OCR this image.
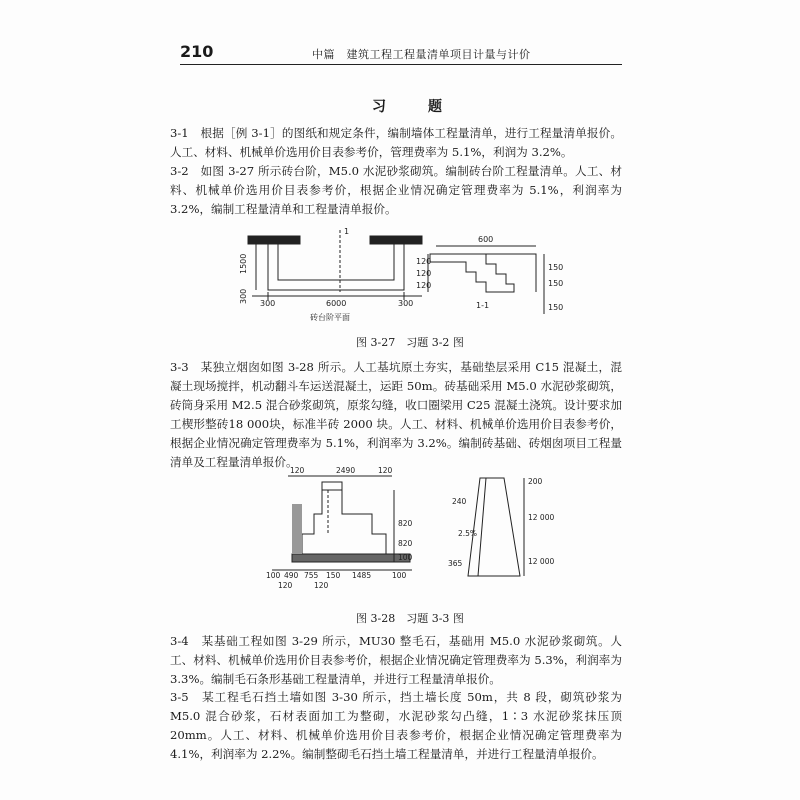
210	中篇　建筑工程工程量清单项目计量与计价
习　题
3-1　根据［例 3-1］的图纸和规定条件，编制墙体工程量清单，进行工程量清单报价。人工、材料、机械单价选用价目表参考价，管理费率为 5.1%，利润为 3.2%。
3-2　如图 3-27 所示砖台阶，M5.0 水泥砂浆砌筑。编制砖台阶工程量清单。人工、材料、机械单价选用价目表参考价，根据企业情况确定管理费率为 5.1%，利润率为 3.2%，编制工程量清单和工程量清单报价。
1
1500
300 300	6000	300
砖台阶平面
600
120
120
120
150
150
150
1-1
图 3-27　习题 3-2 图
3-3　某独立烟囱如图 3-28 所示。人工基坑原土夯实，基础垫层采用 C15 混凝土，混凝土现场搅拌，机动翻斗车运送混凝土，运距 50m。砖基础采用 M5.0 水泥砂浆砌筑，砖筒身采用 M2.5 混合砂浆砌筑，原浆勾缝，收口圈梁用 C25 混凝土浇筑。设计要求加工楔形整砖18 000块，标准半砖 2000 块。人工、材料、机械单价选用价目表参考价，根据企业情况确定管理费率为 5.1%，利润率为 3.2%。编制砖基础、砖烟囱项目工程量清单及工程量清单报价。
120	2490	120
820
820
100
100 490 755 150 1485	100
120	120
240
365
2.5%
200
12 000
12 000
图 3-28　习题 3-3 图
3-4　某基础工程如图 3-29 所示，MU30 整毛石，基础用 M5.0 水泥砂浆砌筑。人工、材料、机械单价选用价目表参考价，根据企业情况确定管理费率为 5.3%，利润率为 3.3%。编制毛石条形基础工程量清单，并进行工程量清单报价。
3-5　某工程毛石挡土墙如图 3-30 所示，挡土墙长度 50m，共 8 段，砌筑砂浆为 M5.0 混合砂浆，石材表面加工为整砌，水泥砂浆勾凸缝，1∶3 水泥砂浆抹压顶 20mm。人工、材料、机械单价选用价目表参考价，根据企业情况确定管理费率为 4.1%，利润率为 2.2%。编制整砌毛石挡土墙工程量清单，并进行工程量清单报价。
